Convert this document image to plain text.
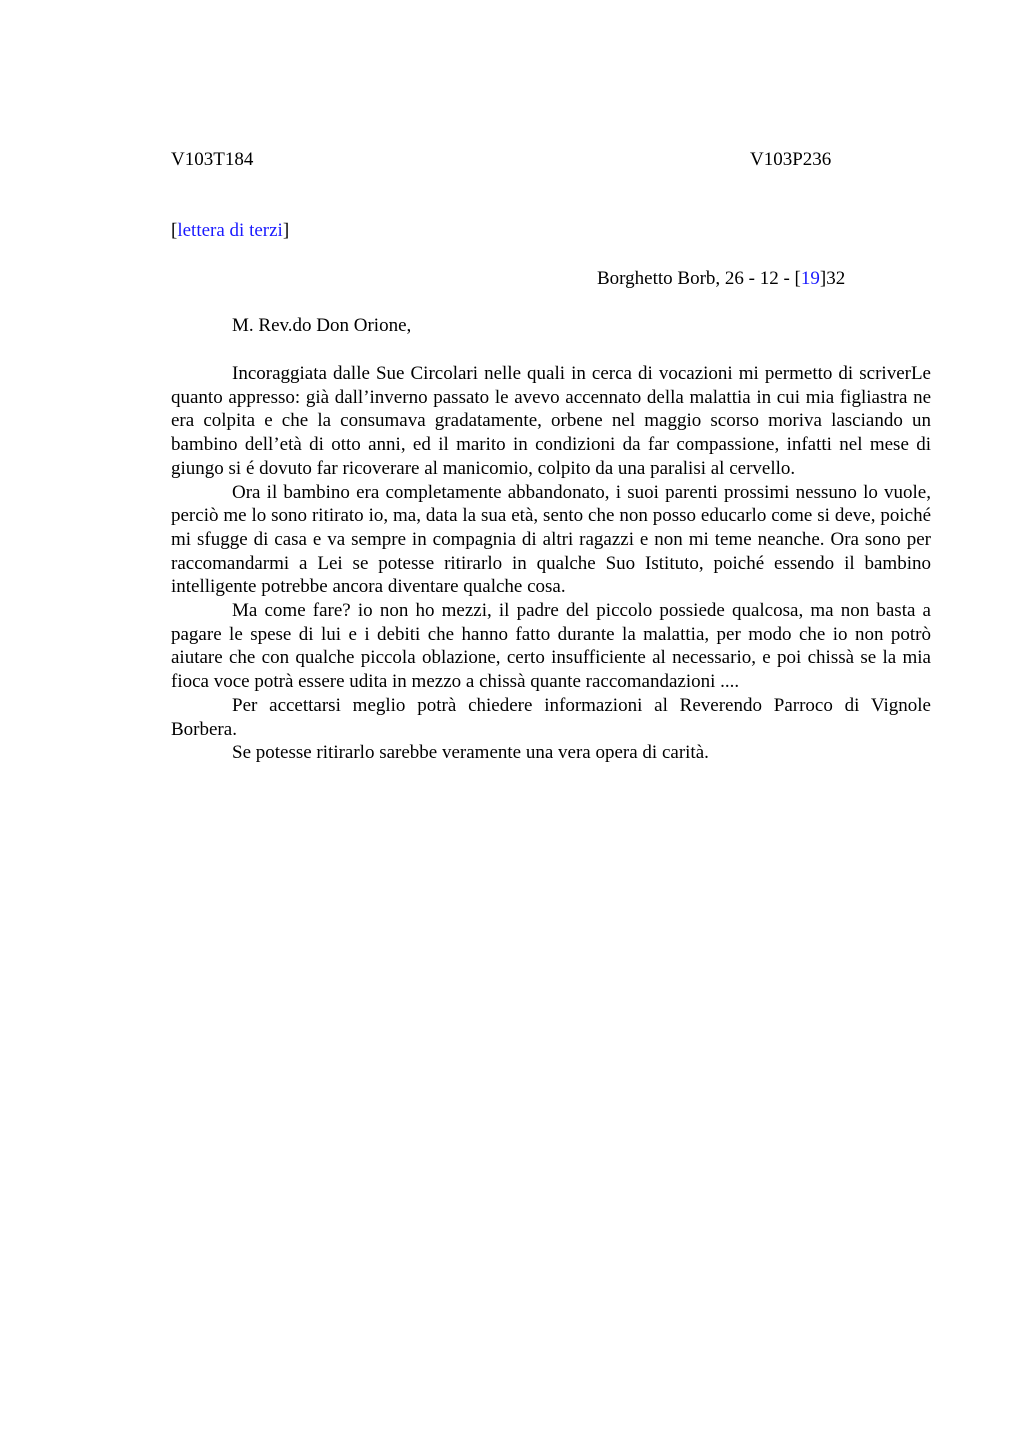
V103T184	V103P236
[lettera di terzi]
Borghetto Borb, 26 - 12 - [19]32
M. Rev.do Don Orione,

Incoraggiata dalle Sue Circolari nelle quali in cerca di vocazioni mi permetto di scriverLe quanto appresso: già dall’inverno passato le avevo accennato della malattia in cui mia figliastra ne era colpita e che la consumava gradatamente, orbene nel maggio scorso moriva lasciando un bambino dell’età di otto anni, ed il marito in condizioni da far compassione, infatti nel mese di giungo si é dovuto far ricoverare al manicomio, colpito da una paralisi al cervello.

Ora il bambino era completamente abbandonato, i suoi parenti prossimi nessuno lo vuole, perciò me lo sono ritirato io, ma, data la sua età, sento che non posso educarlo come si deve, poiché mi sfugge di casa e va sempre in compagnia di altri ragazzi e non mi teme neanche. Ora sono per raccomandarmi a Lei se potesse ritirarlo in qualche Suo Istituto, poiché essendo il bambino intelligente potrebbe ancora diventare qualche cosa.

Ma come fare? io non ho mezzi, il padre del piccolo possiede qualcosa, ma non basta a pagare le spese di lui e i debiti che hanno fatto durante la malattia, per modo che io non potrò aiutare che con qualche piccola oblazione, certo insufficiente al necessario, e poi chissà se la mia fioca voce potrà essere udita in mezzo a chissà quante raccomandazioni ....

Per accettarsi meglio potrà chiedere informazioni al Reverendo Parroco di Vignole Borbera.

Se potesse ritirarlo sarebbe veramente una vera opera di carità.
